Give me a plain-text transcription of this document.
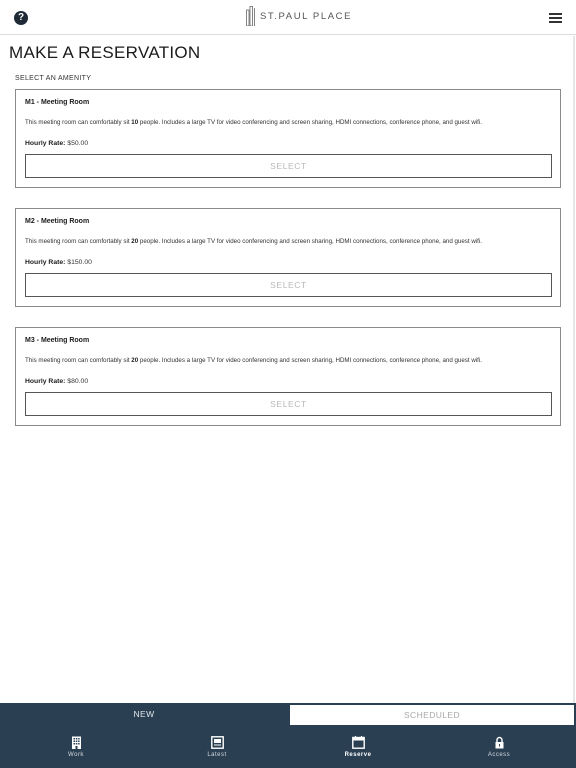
?	ST.PAUL PLACE
MAKE A RESERVATION
SELECT AN AMENITY
M1 - Meeting Room
This meeting room can comfortably sit 10 people. Includes a large TV for video conferencing and screen sharing, HDMI connections, conference phone, and guest wifi.
Hourly Rate: $50.00
SELECT
M2 - Meeting Room
This meeting room can comfortably sit 20 people. Includes a large TV for video conferencing and screen sharing, HDMI connections, conference phone, and guest wifi.
Hourly Rate: $150.00
SELECT
M3 - Meeting Room
This meeting room can comfortably sit 20 people. Includes a large TV for video conferencing and screen sharing, HDMI connections, conference phone, and guest wifi.
Hourly Rate: $80.00
SELECT
NEW	SCHEDULED
Work	Latest	Reserve	Access
